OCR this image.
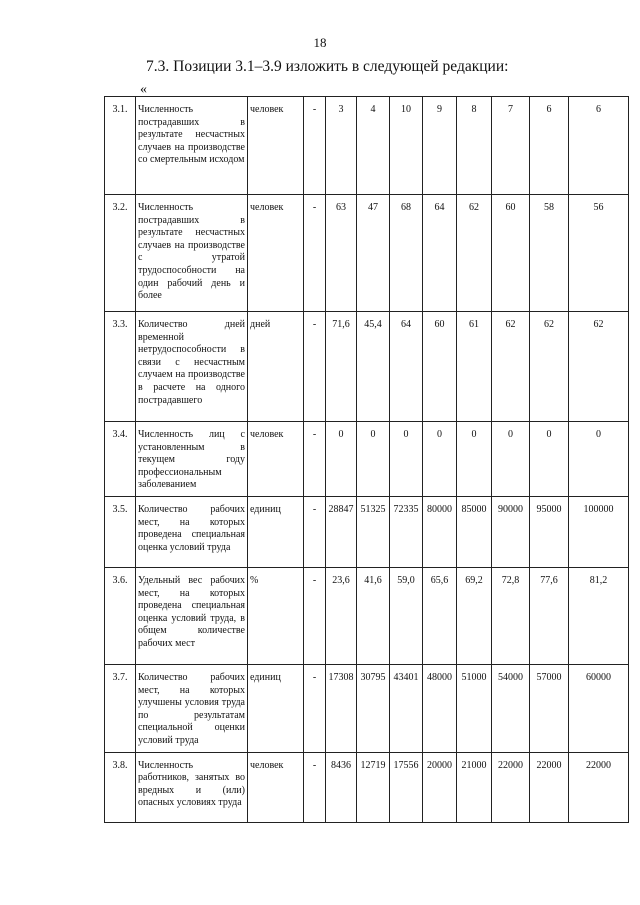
18
7.3. Позиции 3.1–3.9 изложить в следующей редакции:
«
3.1.	Численность пострадавших в результате несчастных случаев на производстве со смертельным исходом	человек	-	3	4	10	9	8	7	6	6
3.2.	Численность пострадавших в результате несчастных случаев на производстве с утратой трудоспособности на один рабочий день и более	человек	-	63	47	68	64	62	60	58	56
3.3.	Количество дней временной нетрудоспособности в связи с несчастным случаем на производстве в расчете на одного пострадавшего	дней	-	71,6	45,4	64	60	61	62	62	62
3.4.	Численность лиц с установленным в текущем году профессиональным заболеванием	человек	-	0	0	0	0	0	0	0	0
3.5.	Количество рабочих мест, на которых проведена специальная оценка условий труда	единиц	-	28847	51325	72335	80000	85000	90000	95000	100000
3.6.	Удельный вес рабочих мест, на которых проведена специальная оценка условий труда, в общем количестве рабочих мест	%	-	23,6	41,6	59,0	65,6	69,2	72,8	77,6	81,2
3.7.	Количество рабочих мест, на которых улучшены условия труда по результатам специальной оценки условий труда	единиц	-	17308	30795	43401	48000	51000	54000	57000	60000
3.8.	Численность работников, занятых во вредных и (или) опасных условиях труда	человек	-	8436	12719	17556	20000	21000	22000	22000	22000
